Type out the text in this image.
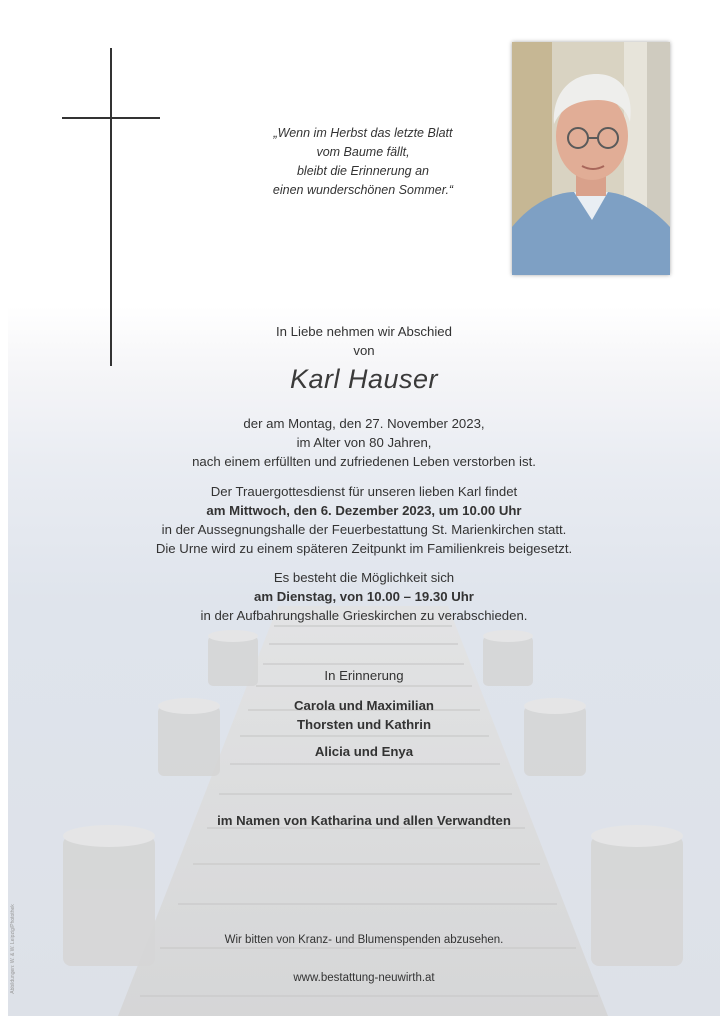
Abbildungen: W. & W. Leipzig/Photothek
„Wenn im Herbst das letzte Blatt
vom Baume fällt,
bleibt die Erinnerung an
einen wunderschönen Sommer.“
In Liebe nehmen wir Abschied
von
Karl Hauser
der am Montag, den 27. November 2023,
im Alter von 80 Jahren,
nach einem erfüllten und zufriedenen Leben verstorben ist.
Der Trauergottesdienst für unseren lieben Karl findet
am Mittwoch, den 6. Dezember 2023, um 10.00 Uhr
in der Aussegnungshalle der Feuerbestattung St. Marienkirchen statt.
Die Urne wird zu einem späteren Zeitpunkt im Familienkreis beigesetzt.
Es besteht die Möglichkeit sich
am Dienstag, von 10.00 – 19.30 Uhr
in der Aufbahrungshalle Grieskirchen zu verabschieden.
In Erinnerung
Carola und Maximilian
Thorsten und Kathrin
Alicia und Enya
im Namen von Katharina und allen Verwandten
Wir bitten von Kranz- und Blumenspenden abzusehen.
www.bestattung-neuwirth.at
